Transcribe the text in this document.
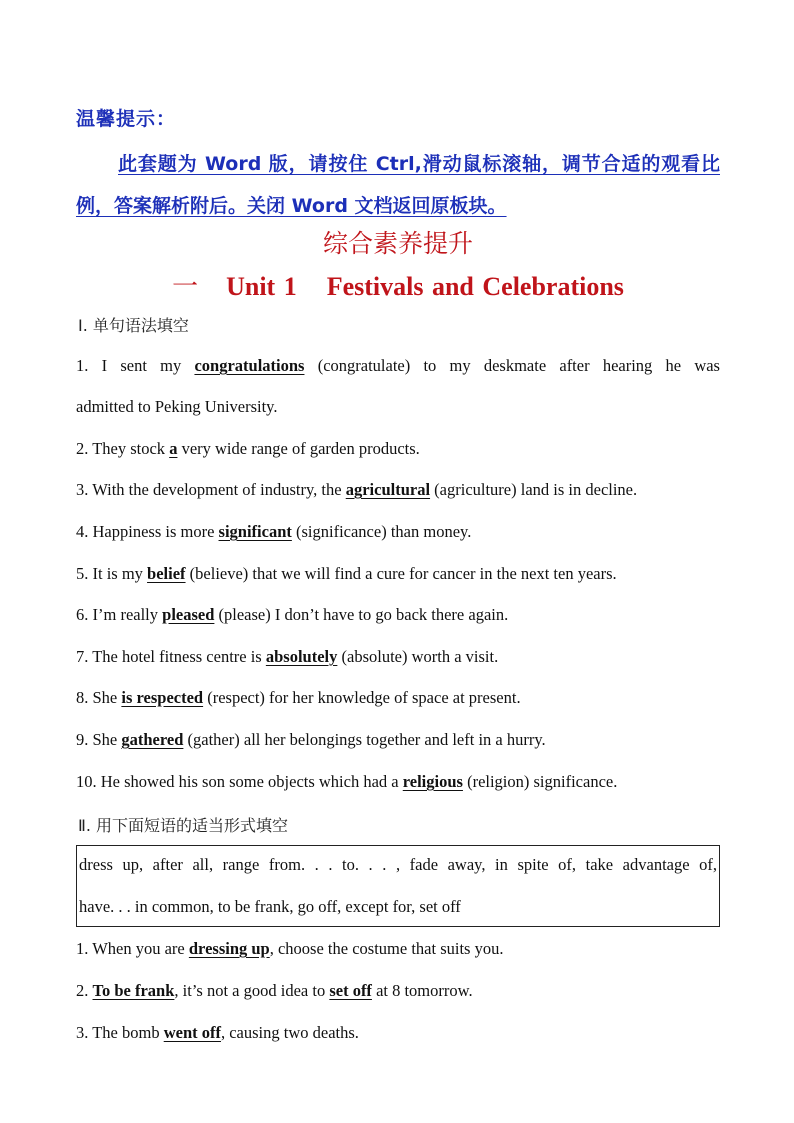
温馨提示：
此套题为 Word 版，请按住 Ctrl,滑动鼠标滚轴，调节合适的观看比例，答案解析附后。关闭 Word 文档返回原板块。
综合素养提升
一 Unit 1 Festivals and Celebrations
Ⅰ. 单句语法填空
1. I sent my congratulations (congratulate) to my deskmate after hearing he was
admitted to Peking University.
2. They stock a very wide range of garden products.
3. With the development of industry, the agricultural (agriculture) land is in decline.
4. Happiness is more significant (significance) than money.
5. It is my belief (believe) that we will find a cure for cancer in the next ten years.
6. I’m really pleased (please) I don’t have to go back there again.
7. The hotel fitness centre is absolutely (absolute) worth a visit.
8. She is respected (respect) for her knowledge of space at present.
9. She gathered (gather) all her belongings together and left in a hurry.
10. He showed his son some objects which had a religious (religion) significance.
Ⅱ. 用下面短语的适当形式填空
dress up, after all, range from. . . to. . . , fade away, in spite of, take advantage of,
have. . . in common, to be frank, go off, except for, set off
1. When you are dressing up, choose the costume that suits you.
2. To be frank, it’s not a good idea to set off at 8 tomorrow.
3. The bomb went off, causing two deaths.
